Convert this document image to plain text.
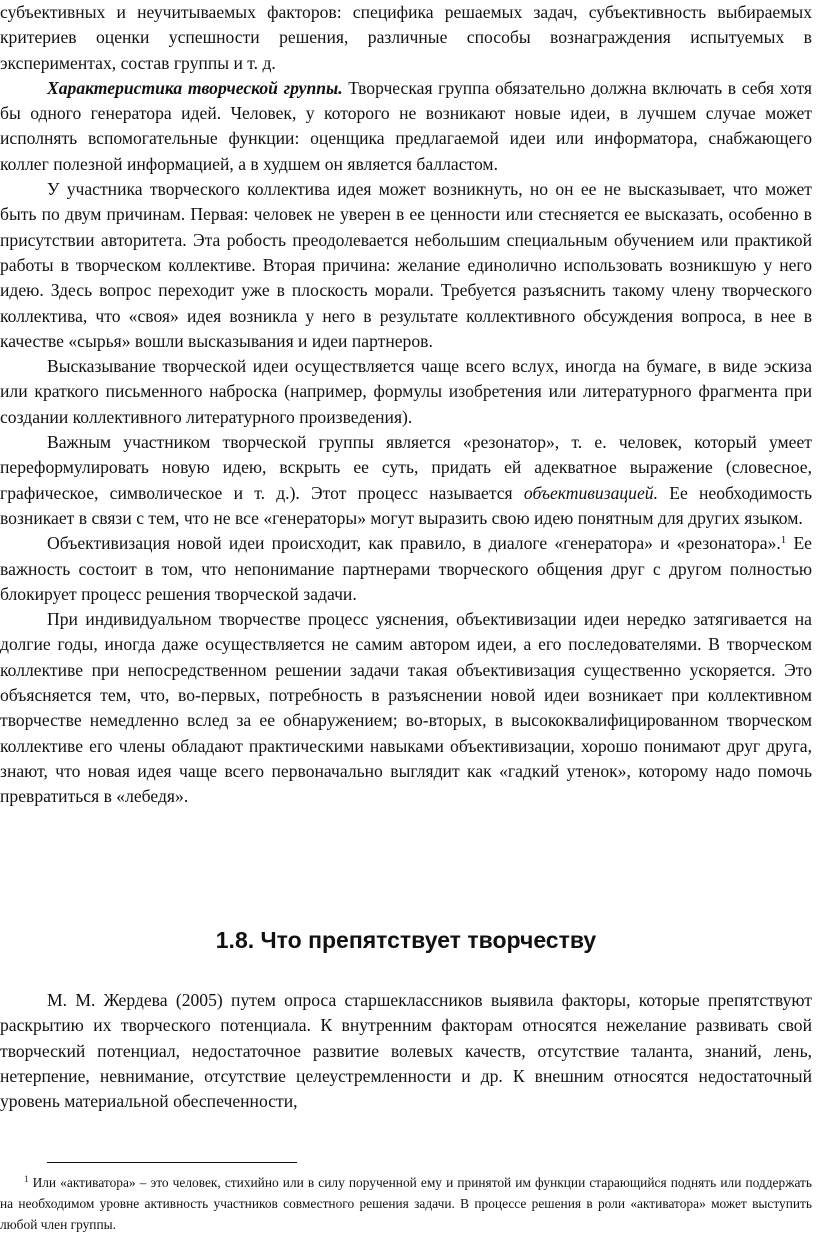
субъективных и неучитываемых факторов: специфика решаемых задач, субъективность выбираемых критериев оценки успешности решения, различные способы вознаграждения испытуемых в экспериментах, состав группы и т. д.

Характеристика творческой группы. Творческая группа обязательно должна включать в себя хотя бы одного генератора идей. Человек, у которого не возникают новые идеи, в лучшем случае может исполнять вспомогательные функции: оценщика предлагаемой идеи или информатора, снабжающего коллег полезной информацией, а в худшем он является балластом.

У участника творческого коллектива идея может возникнуть, но он ее не высказывает, что может быть по двум причинам. Первая: человек не уверен в ее ценности или стесняется ее высказать, особенно в присутствии авторитета. Эта робость преодолевается небольшим специальным обучением или практикой работы в творческом коллективе. Вторая причина: желание единолично использовать возникшую у него идею. Здесь вопрос переходит уже в плоскость морали. Требуется разъяснить такому члену творческого коллектива, что «своя» идея возникла у него в результате коллективного обсуждения вопроса, в нее в качестве «сырья» вошли высказывания и идеи партнеров.

Высказывание творческой идеи осуществляется чаще всего вслух, иногда на бумаге, в виде эскиза или краткого письменного наброска (например, формулы изобретения или литературного фрагмента при создании коллективного литературного произведения).

Важным участником творческой группы является «резонатор», т. е. человек, который умеет переформулировать новую идею, вскрыть ее суть, придать ей адекватное выражение (словесное, графическое, символическое и т. д.). Этот процесс называется объективизацией. Ее необходимость возникает в связи с тем, что не все «генераторы» могут выразить свою идею понятным для других языком.

Объективизация новой идеи происходит, как правило, в диалоге «генератора» и «резонатора».$^1$ Ее важность состоит в том, что непонимание партнерами творческого общения друг с другом полностью блокирует процесс решения творческой задачи.

При индивидуальном творчестве процесс уяснения, объективизации идеи нередко затягивается на долгие годы, иногда даже осуществляется не самим автором идеи, а его последователями. В творческом коллективе при непосредственном решении задачи такая объективизация существенно ускоряется. Это объясняется тем, что, во-первых, потребность в разъяснении новой идеи возникает при коллективном творчестве немедленно вслед за ее обнаружением; во-вторых, в высококвалифицированном творческом коллективе его члены обладают практическими навыками объективизации, хорошо понимают друг друга, знают, что новая идея чаще всего первоначально выглядит как «гадкий утенок», которому надо помочь превратиться в «лебедя».

1.8. Что препятствует творчеству

М. М. Жердева (2005) путем опроса старшеклассников выявила факторы, которые препятствуют раскрытию их творческого потенциала. К внутренним факторам относятся нежелание развивать свой творческий потенциал, недостаточное развитие волевых качеств, отсутствие таланта, знаний, лень, нетерпение, невнимание, отсутствие целеустремленности и др. К внешним относятся недостаточный уровень материальной обеспеченности,

$^1$ Или «активатора» – это человек, стихийно или в силу порученной ему и принятой им функции старающийся поднять или поддержать на необходимом уровне активность участников совместного решения задачи. В процессе решения в роли «активатора» может выступить любой член группы.
